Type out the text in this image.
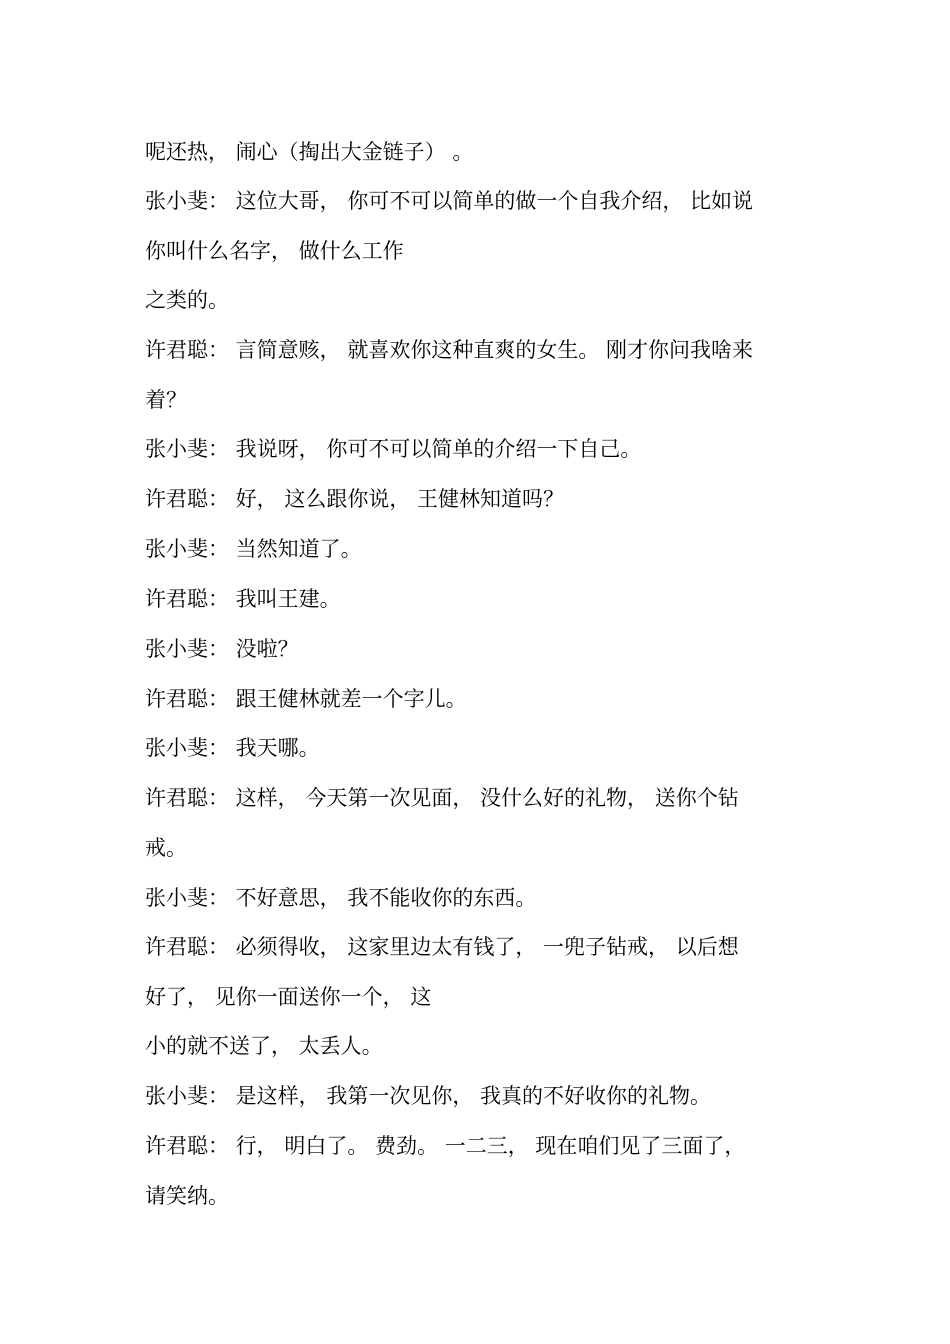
呢还热， 闹心（掏出大金链子） 。
张小斐： 这位大哥， 你可不可以简单的做一个自我介绍， 比如说
你叫什么名字， 做什么工作
之类的。
许君聪： 言简意赅， 就喜欢你这种直爽的女生。 刚才你问我啥来
着？
张小斐： 我说呀， 你可不可以简单的介绍一下自己。
许君聪： 好， 这么跟你说， 王健林知道吗？
张小斐： 当然知道了。
许君聪： 我叫王建。
张小斐： 没啦？
许君聪： 跟王健林就差一个字儿。
张小斐： 我天哪。
许君聪： 这样， 今天第一次见面， 没什么好的礼物， 送你个钻
戒。
张小斐： 不好意思， 我不能收你的东西。
许君聪： 必须得收， 这家里边太有钱了， 一兜子钻戒， 以后想
好了， 见你一面送你一个， 这
小的就不送了， 太丢人。
张小斐： 是这样， 我第一次见你， 我真的不好收你的礼物。
许君聪： 行， 明白了。 费劲。 一二三， 现在咱们见了三面了，
请笑纳。
